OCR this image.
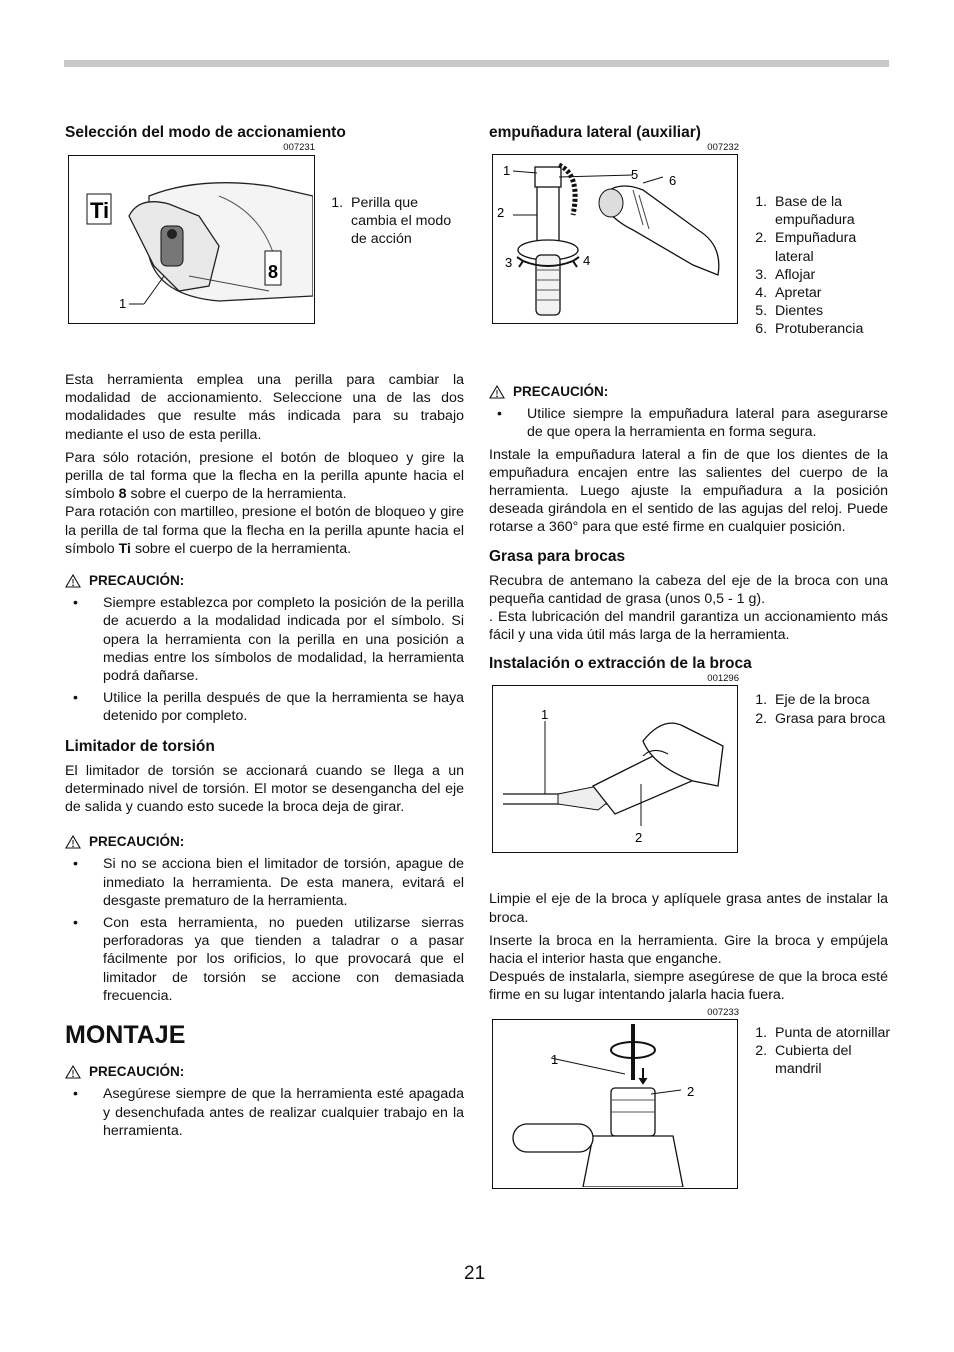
Selección del modo de accionamiento
007231
Ti
8
1
1. Perilla que cambia el modo de acción

Esta herramienta emplea una perilla para cambiar la modalidad de accionamiento. Seleccione una de las dos modalidades que resulte más indicada para su trabajo mediante el uso de esta perilla.

Para sólo rotación, presione el botón de bloqueo y gire la perilla de tal forma que la flecha en la perilla apunte hacia el símbolo ⁢8 sobre el cuerpo de la herramienta.

Para rotación con martilleo, presione el botón de bloqueo y gire la perilla de tal forma que la flecha en la perilla apunte hacia el símbolo Ti sobre el cuerpo de la herramienta.

PRECAUCIÓN:
•	Siempre establezca por completo la posición de la perilla de acuerdo a la modalidad indicada por el símbolo. Si opera la herramienta con la perilla en una posición a medias entre los símbolos de modalidad, la herramienta podrá dañarse.
•	Utilice la perilla después de que la herramienta se haya detenido por completo.
Limitador de torsión

El limitador de torsión se accionará cuando se llega a un determinado nivel de torsión. El motor se desengancha del eje de salida y cuando esto sucede la broca deja de girar.

PRECAUCIÓN:
•	Si no se acciona bien el limitador de torsión, apague de inmediato la herramienta. De esta manera, evitará el desgaste prematuro de la herramienta.
•	Con esta herramienta, no pueden utilizarse sierras perforadoras ya que tienden a taladrar o a pasar fácilmente por los orificios, lo que provocará que el limitador de torsión se accione con demasiada frecuencia.
MONTAJE
PRECAUCIÓN:
•	Asegúrese siempre de que la herramienta esté apagada y desenchufada antes de realizar cualquier trabajo en la herramienta.
empuñadura lateral (auxiliar)
007232
1
2
3	4
5 6
1. Base de la empuñadura
2. Empuñadura lateral
3. Aflojar
4. Apretar
5. Dientes
6. Protuberancia
PRECAUCIÓN:
•	Utilice siempre la empuñadura lateral para asegurarse de que opera la herramienta en forma segura.

Instale la empuñadura lateral a fin de que los dientes de la empuñadura encajen entre las salientes del cuerpo de la herramienta. Luego ajuste la empuñadura a la posición deseada girándola en el sentido de las agujas del reloj. Puede rotarse a 360° para que esté firme en cualquier posición.

Grasa para brocas

Recubra de antemano la cabeza del eje de la broca con una pequeña cantidad de grasa (unos 0,5 - 1 g).

. Esta lubricación del mandril garantiza un accionamiento más fácil y una vida útil más larga de la herramienta.

Instalación o extracción de la broca
001296
1
2
1. Eje de la broca
2. Grasa para broca

Limpie el eje de la broca y aplíquele grasa antes de instalar la broca.

Inserte la broca en la herramienta. Gire la broca y empújela hacia el interior hasta que enganche.

Después de instalarla, siempre asegúrese de que la broca esté firme en su lugar intentando jalarla hacia fuera.

007233
1
2
1. Punta de atornillar
2. Cubierta del mandril
21
